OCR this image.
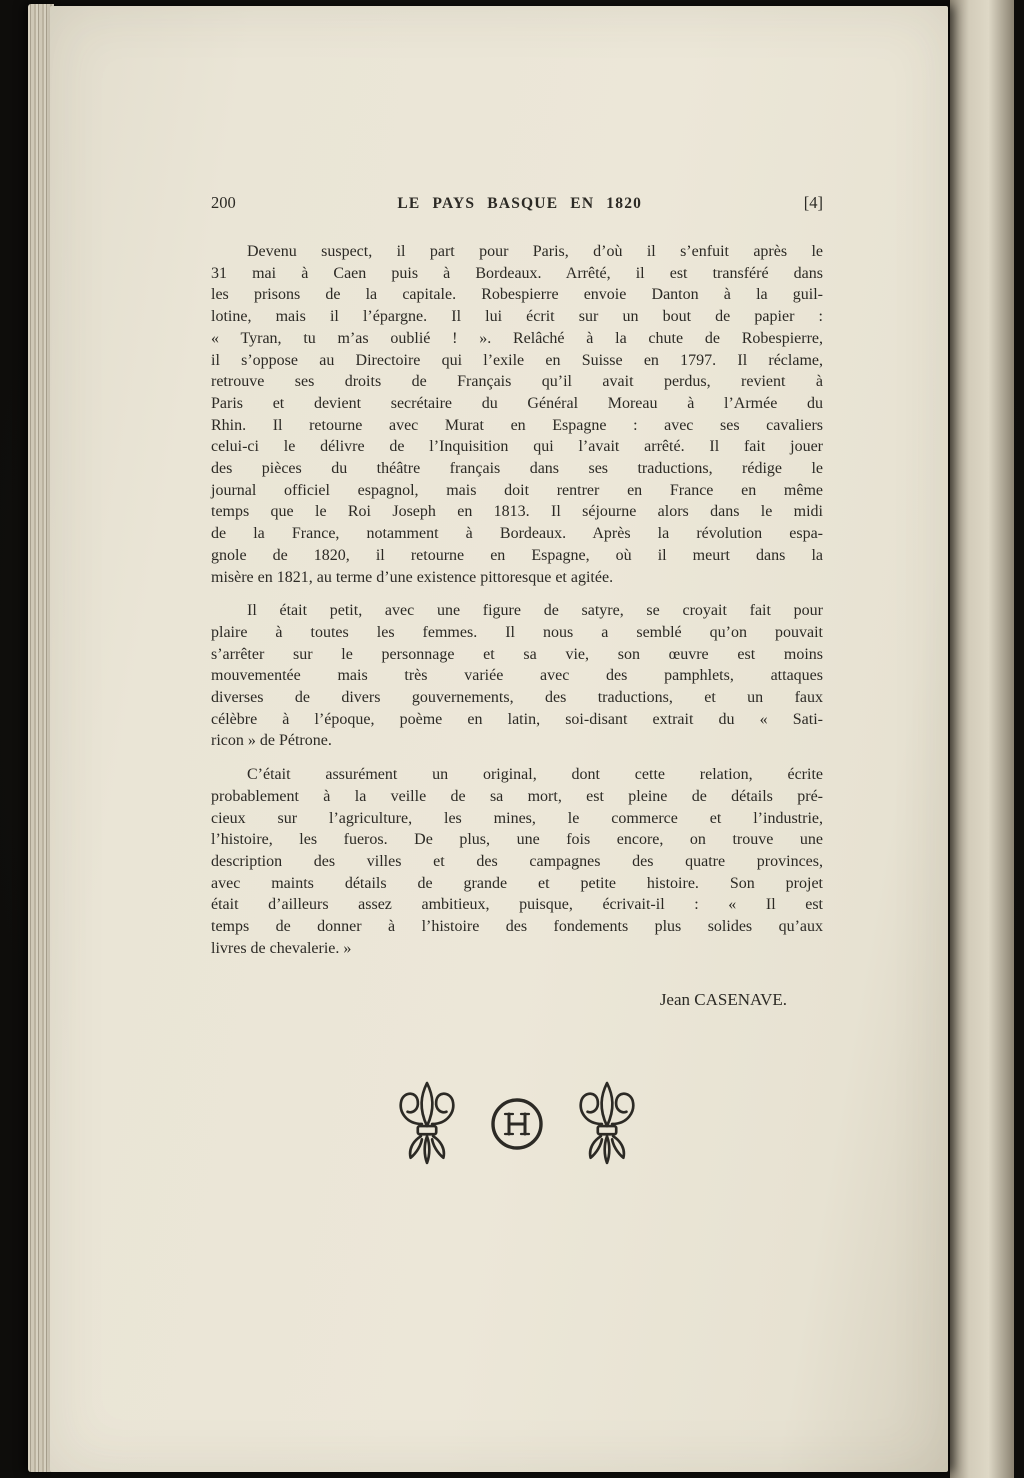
200	LE PAYS BASQUE EN 1820	[4]
Devenu suspect, il part pour Paris, d’où il s’enfuit après le
31 mai à Caen puis à Bordeaux. Arrêté, il est transféré dans
les prisons de la capitale. Robespierre envoie Danton à la guil-
lotine, mais il l’épargne. Il lui écrit sur un bout de papier :
« Tyran, tu m’as oublié ! ». Relâché à la chute de Robespierre,
il s’oppose au Directoire qui l’exile en Suisse en 1797. Il réclame,
retrouve ses droits de Français qu’il avait perdus, revient à
Paris et devient secrétaire du Général Moreau à l’Armée du
Rhin. Il retourne avec Murat en Espagne : avec ses cavaliers
celui-ci le délivre de l’Inquisition qui l’avait arrêté. Il fait jouer
des pièces du théâtre français dans ses traductions, rédige le
journal officiel espagnol, mais doit rentrer en France en même
temps que le Roi Joseph en 1813. Il séjourne alors dans le midi
de la France, notamment à Bordeaux. Après la révolution espa-
gnole de 1820, il retourne en Espagne, où il meurt dans la
misère en 1821, au terme d’une existence pittoresque et agitée.
Il était petit, avec une figure de satyre, se croyait fait pour
plaire à toutes les femmes. Il nous a semblé qu’on pouvait
s’arrêter sur le personnage et sa vie, son œuvre est moins
mouvementée mais très variée avec des pamphlets, attaques
diverses de divers gouvernements, des traductions, et un faux
célèbre à l’époque, poème en latin, soi-disant extrait du « Sati-
ricon » de Pétrone.
C’était assurément un original, dont cette relation, écrite
probablement à la veille de sa mort, est pleine de détails pré-
cieux sur l’agriculture, les mines, le commerce et l’industrie,
l’histoire, les fueros. De plus, une fois encore, on trouve une
description des villes et des campagnes des quatre provinces,
avec maints détails de grande et petite histoire. Son projet
était d’ailleurs assez ambitieux, puisque, écrivait-il : « Il est
temps de donner à l’histoire des fondements plus solides qu’aux
livres de chevalerie. »
Jean CASENAVE.
